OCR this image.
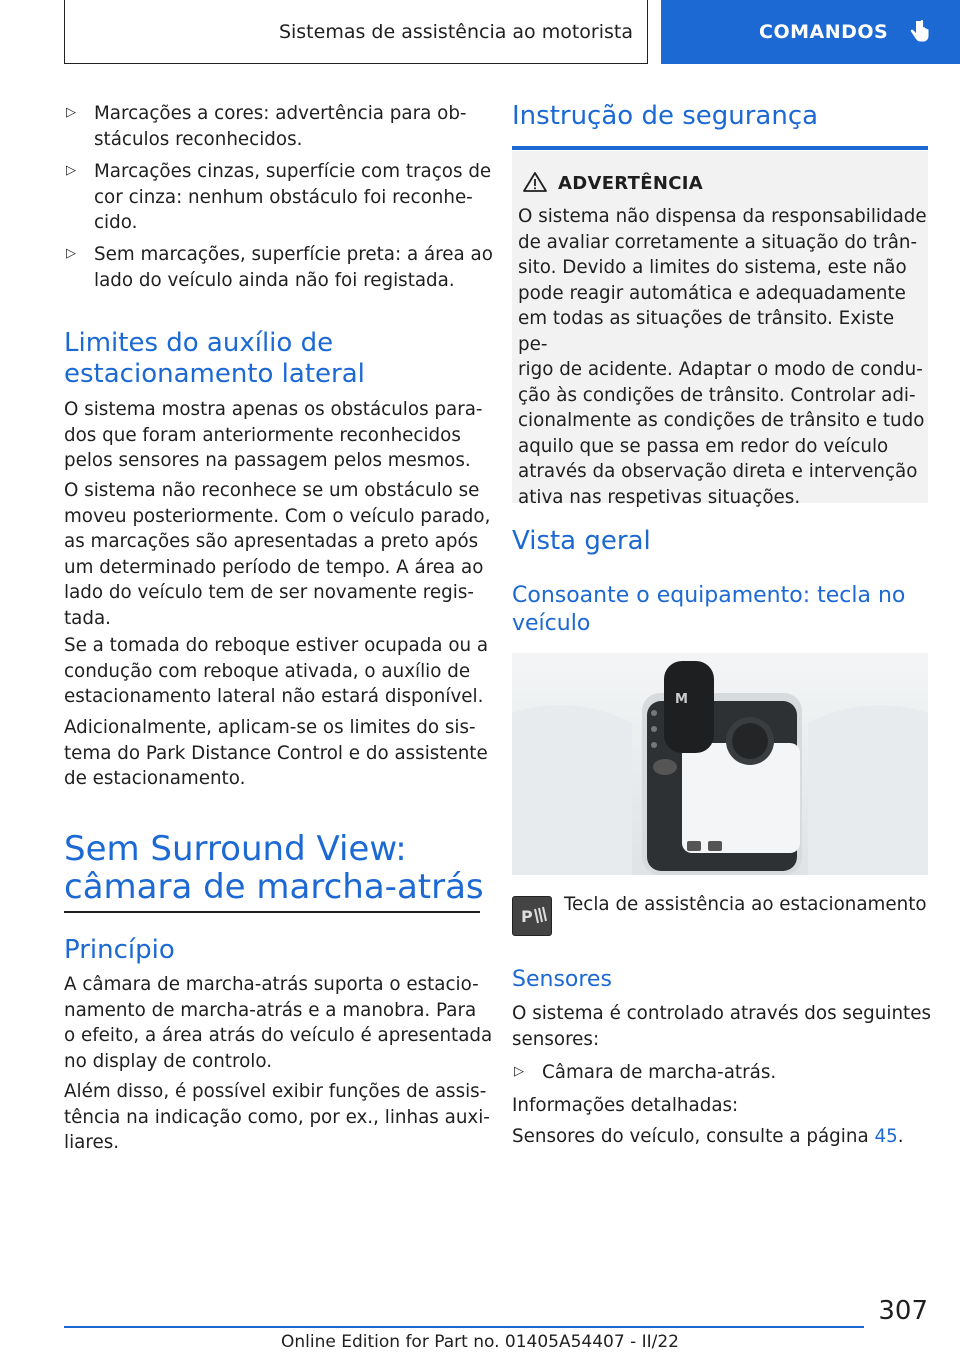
Sistemas de assistência ao motorista	COMANDOS
▷ Marcações a cores: advertência para ob-
stáculos reconhecidos.
▷ Marcações cinzas, superfície com traços de
cor cinza: nenhum obstáculo foi reconhe-
cido.
▷ Sem marcações, superfície preta: a área ao
lado do veículo ainda não foi registada.
Limites do auxílio de
estacionamento lateral
O sistema mostra apenas os obstáculos para-
dos que foram anteriormente reconhecidos
pelos sensores na passagem pelos mesmos.
O sistema não reconhece se um obstáculo se
moveu posteriormente. Com o veículo parado,
as marcações são apresentadas a preto após
um determinado período de tempo. A área ao
lado do veículo tem de ser novamente regis-
tada.
Se a tomada do reboque estiver ocupada ou a
condução com reboque ativada, o auxílio de
estacionamento lateral não estará disponível.
Adicionalmente, aplicam-se os limites do sis-
tema do Park Distance Control e do assistente
de estacionamento.
Sem Surround View:
câmara de marcha-atrás
Princípio
A câmara de marcha-atrás suporta o estacio-
namento de marcha-atrás e a manobra. Para
o efeito, a área atrás do veículo é apresentada
no display de controlo.
Além disso, é possível exibir funções de assis-
tência na indicação como, por ex., linhas auxi-
liares.
Instrução de segurança
ADVERTÊNCIA
O sistema não dispensa da responsabilidade
de avaliar corretamente a situação do trân-
sito. Devido a limites do sistema, este não
pode reagir automática e adequadamente
em todas as situações de trânsito. Existe pe-
rigo de acidente. Adaptar o modo de condu-
ção às condições de trânsito. Controlar adi-
cionalmente as condições de trânsito e tudo
aquilo que se passa em redor do veículo
através da observação direta e intervenção
ativa nas respetivas situações.
Vista geral
Consoante o equipamento: tecla no
veículo
M
P
Tecla de assistência ao estacionamento
Sensores
O sistema é controlado através dos seguintes
sensores:
▷ Câmara de marcha-atrás.
Informações detalhadas:
Sensores do veículo, consulte a página 45.
307
Online Edition for Part no. 01405A54407 - II/22
